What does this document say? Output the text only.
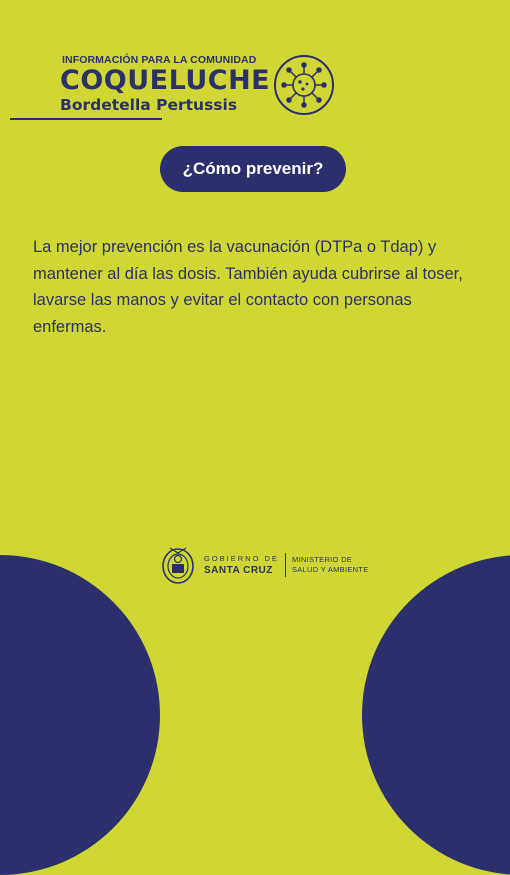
INFORMACIÓN PARA LA COMUNIDAD
COQUELUCHE
Bordetella Pertussis
¿Cómo prevenir?

La mejor prevención es la vacunación (DTPa o Tdap) y mantener al día las dosis. También ayuda cubrirse al toser, lavarse las manos y evitar el contacto con personas enfermas.

GOBIERNO DE
SANTA CRUZ
MINISTERIO DE
SALUD Y AMBIENTE
